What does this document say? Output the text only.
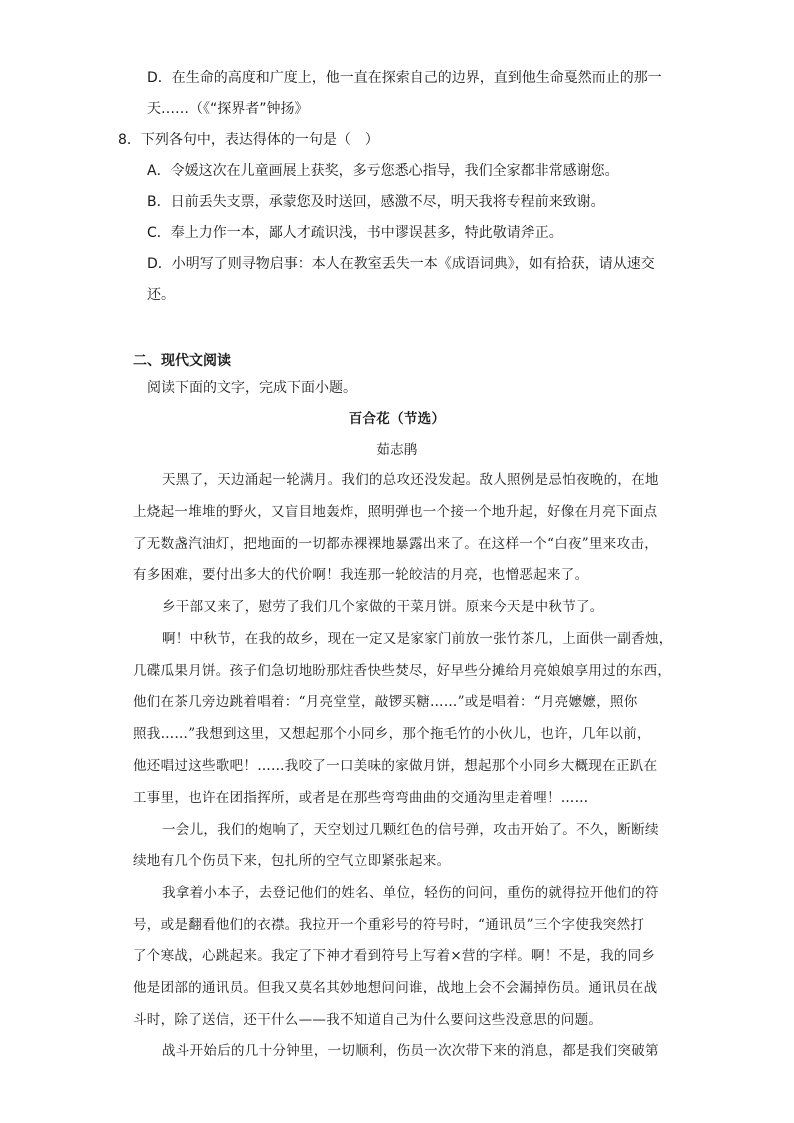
D．在生命的高度和广度上，他一直在探索自己的边界，直到他生命戛然而止的那一
天……（《“探界者”钟扬》
8．下列各句中，表达得体的一句是（　）
A．令媛这次在儿童画展上获奖，多亏您悉心指导，我们全家都非常感谢您。
B．日前丢失支票，承蒙您及时送回，感激不尽，明天我将专程前来致谢。
C．奉上力作一本，鄙人才疏识浅，书中谬误甚多，特此敬请斧正。
D．小明写了则寻物启事：本人在教室丢失一本《成语词典》，如有拾获，请从速交
还。
二、现代文阅读
阅读下面的文字，完成下面小题。
百合花（节选）
茹志鹃
天黑了，天边涌起一轮满月。我们的总攻还没发起。敌人照例是忌怕夜晚的，在地
上烧起一堆堆的野火，又盲目地轰炸，照明弹也一个接一个地升起，好像在月亮下面点
了无数盏汽油灯，把地面的一切都赤裸裸地暴露出来了。在这样一个“白夜”里来攻击，
有多困难，要付出多大的代价啊！我连那一轮皎洁的月亮，也憎恶起来了。
乡干部又来了，慰劳了我们几个家做的干菜月饼。原来今天是中秋节了。
啊！中秋节，在我的故乡，现在一定又是家家门前放一张竹茶几，上面供一副香烛，
几碟瓜果月饼。孩子们急切地盼那炷香快些焚尽，好早些分摊给月亮娘娘享用过的东西，
他们在茶几旁边跳着唱着：“月亮堂堂，敲锣买糖……”或是唱着：“月亮嬷嬷，照你
照我……”我想到这里，又想起那个小同乡，那个拖毛竹的小伙儿，也许，几年以前，
他还唱过这些歌吧！……我咬了一口美味的家做月饼，想起那个小同乡大概现在正趴在
工事里，也许在团指挥所，或者是在那些弯弯曲曲的交通沟里走着哩！……
一会儿，我们的炮响了，天空划过几颗红色的信号弹，攻击开始了。不久，断断续
续地有几个伤员下来，包扎所的空气立即紧张起来。
我拿着小本子，去登记他们的姓名、单位，轻伤的问问，重伤的就得拉开他们的符
号，或是翻看他们的衣襟。我拉开一个重彩号的符号时，“通讯员”三个字使我突然打
了个寒战，心跳起来。我定了下神才看到符号上写着×营的字样。啊！不是，我的同乡
他是团部的通讯员。但我又莫名其妙地想问问谁，战地上会不会漏掉伤员。通讯员在战
斗时，除了送信，还干什么——我不知道自己为什么要问这些没意思的问题。
战斗开始后的几十分钟里，一切顺利，伤员一次次带下来的消息，都是我们突破第
